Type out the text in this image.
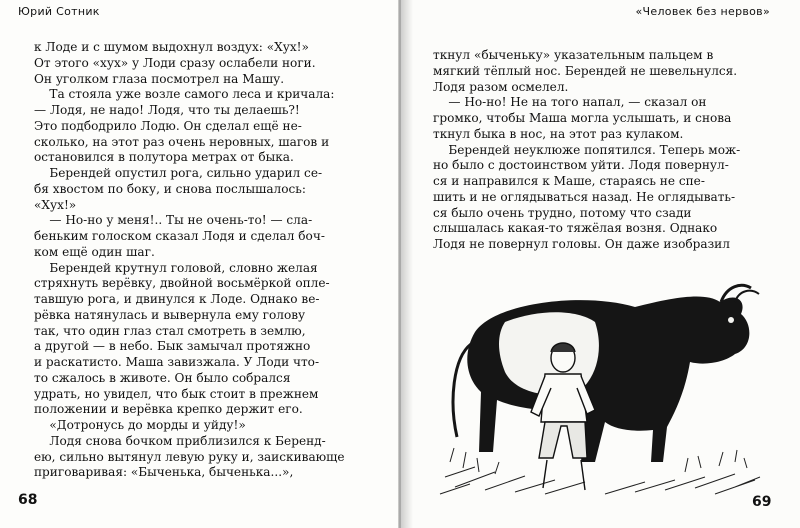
Юрий Сотник
к Лоде и с шумом выдохнул воздух: «Хух!»
От этого «хух» у Лоди сразу ослабели ноги.
Он уголком глаза посмотрел на Машу.
Та стояла уже возле самого леса и кричала:
— Лодя, не надо! Лодя, что ты делаешь?!
Это подбодрило Лодю. Он сделал ещё не-
сколько, на этот раз очень неровных, шагов и
остановился в полутора метрах от быка.
Берендей опустил рога, сильно ударил се-
бя хвостом по боку, и снова послышалось:
«Хух!»
— Но-но у меня!.. Ты не очень-то! — сла-
беньким голоском сказал Лодя и сделал боч-
ком ещё один шаг.
Берендей крутнул головой, словно желая
стряхнуть верёвку, двойной восьмёркой опле-
тавшую рога, и двинулся к Лоде. Однако ве-
рёвка натянулась и вывернула ему голову
так, что один глаз стал смотреть в землю,
а другой — в небо. Бык замычал протяжно
и раскатисто. Маша завизжала. У Лоди что-
то сжалось в животе. Он было собрался
удрать, но увидел, что бык стоит в прежнем
положении и верёвка крепко держит его.
«Дотронусь до морды и уйду!»
Лодя снова бочком приблизился к Беренд-
ею, сильно вытянул левую руку и, заискивающе
приговаривая: «Быченька, быченька...»,
68
«Человек без нервов»
ткнул «быченьку» указательным пальцем в
мягкий тёплый нос. Берендей не шевельнулся.
Лодя разом осмелел.
— Но-но! Не на того напал, — сказал он
громко, чтобы Маша могла услышать, и снова
ткнул быка в нос, на этот раз кулаком.
Берендей неуклюже попятился. Теперь мож-
но было с достоинством уйти. Лодя повернул-
ся и направился к Маше, стараясь не спе-
шить и не оглядываться назад. Не оглядывать-
ся было очень трудно, потому что сзади
слышалась какая-то тяжёлая возня. Однако
Лодя не повернул головы. Он даже изобразил
69
